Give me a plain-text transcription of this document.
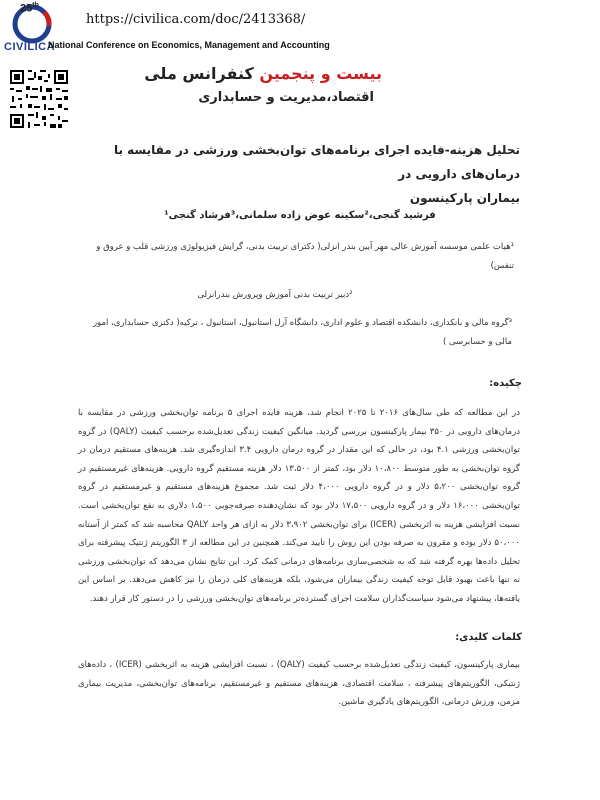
25th
CIVILICA
https://civilica.com/doc/2413368/
National Conference on Economics, Management and Accounting
بیست و پنجمین کنفرانس ملی
اقتصاد،مدیریت و حسابداری
تحلیل هزینه-فایده اجرای برنامه‌های توان‌بخشی ورزشی در مقایسه با درمان‌های دارویی در
بیماران پارکینسون
فرشید گنجی،²سکینه عوض زاده سلمانی،³فرشاد گنجی¹
¹هیات علمی موسسه آموزش عالی مهر آیین بندر انزلی( دکترای تربیت بدنی، گرایش فیزیولوژی ورزشی قلب و عروق و تنفس)
²دبیر تربیت بدنی آموزش وپرورش بندرانزلی
³گروه مالی و بانکداری، دانشکده اقتصاد و علوم اداری، دانشگاه آرل استانبول، استانبول ، ترکیه( دکتری حسابداری، امور مالی و حسابرسی )
چکیده:
در این مطالعه که طی سال‌های ۲۰۱۶ تا ۲۰۲۵ انجام شد، هزینه فایده اجرای ۵ برنامه توان‌بخشی ورزشی در مقایسه با درمان‌های دارویی در ۳۵۰ بیمار پارکینسون بررسی گردید. میانگین کیفیت زندگی تعدیل‌شده برحسب کیفیت (QALY) در گروه توان‌بخشی ورزشی ۴.۱ بود، در حالی که این مقدار در گروه درمان دارویی ۳.۴ اندازه‌گیری شد. هزینه‌های مستقیم درمان در گروه توان‌بخشی به طور متوسط ۱۰،۸۰۰ دلار بود، کمتر از ۱۳،۵۰۰ دلار هزینه مستقیم گروه دارویی. هزینه‌های غیرمستقیم در گروه توان‌بخشی ۵،۲۰۰ دلار و در گروه دارویی ۴،۰۰۰ دلار ثبت شد. مجموع هزینه‌های مستقیم و غیرمستقیم در گروه توان‌بخشی ۱۶،۰۰۰ دلار و در گروه دارویی ۱۷،۵۰۰ دلار بود که نشان‌دهنده صرفه‌جویی ۱،۵۰۰ دلاری به نفع توان‌بخشی است. نسبت افزایشی هزینه به اثربخشی (ICER) برای توان‌بخشی ۳،۹۰۲ دلار به ازای هر واحد QALY محاسبه شد که کمتر از آستانه ۵۰،۰۰۰ دلار بوده و مقرون به صرفه بودن این روش را تایید می‌کند. همچنین در این مطالعه از ۳ الگوریتم ژنتیک پیشرفته برای تحلیل داده‌ها بهره گرفته شد که به شخصی‌سازی برنامه‌های درمانی کمک کرد. این نتایج نشان می‌دهد که توان‌بخشی ورزشی نه تنها باعث بهبود قابل توجه کیفیت زندگی بیماران می‌شود، بلکه هزینه‌های کلی درمان را نیز کاهش می‌دهد. بر اساس این یافته‌ها، پیشنهاد می‌شود سیاست‌گذاران سلامت اجرای گسترده‌تر برنامه‌های توان‌بخشی ورزشی را در دستور کار قرار دهند.
کلمات کلیدی:
بیماری پارکینسون، کیفیت زندگی تعدیل‌شده برحسب کیفیت (QALY) ، نسبت افزایشی هزینه به اثربخشی (ICER) ، داده‌های ژنتیکی، الگوریتم‌های پیشرفته ، سلامت اقتصادی، هزینه‌های مستقیم و غیرمستقیم، برنامه‌های توان‌بخشی، مدیریت بیماری مزمن، ورزش درمانی، الگوریتم‌های یادگیری ماشین.
